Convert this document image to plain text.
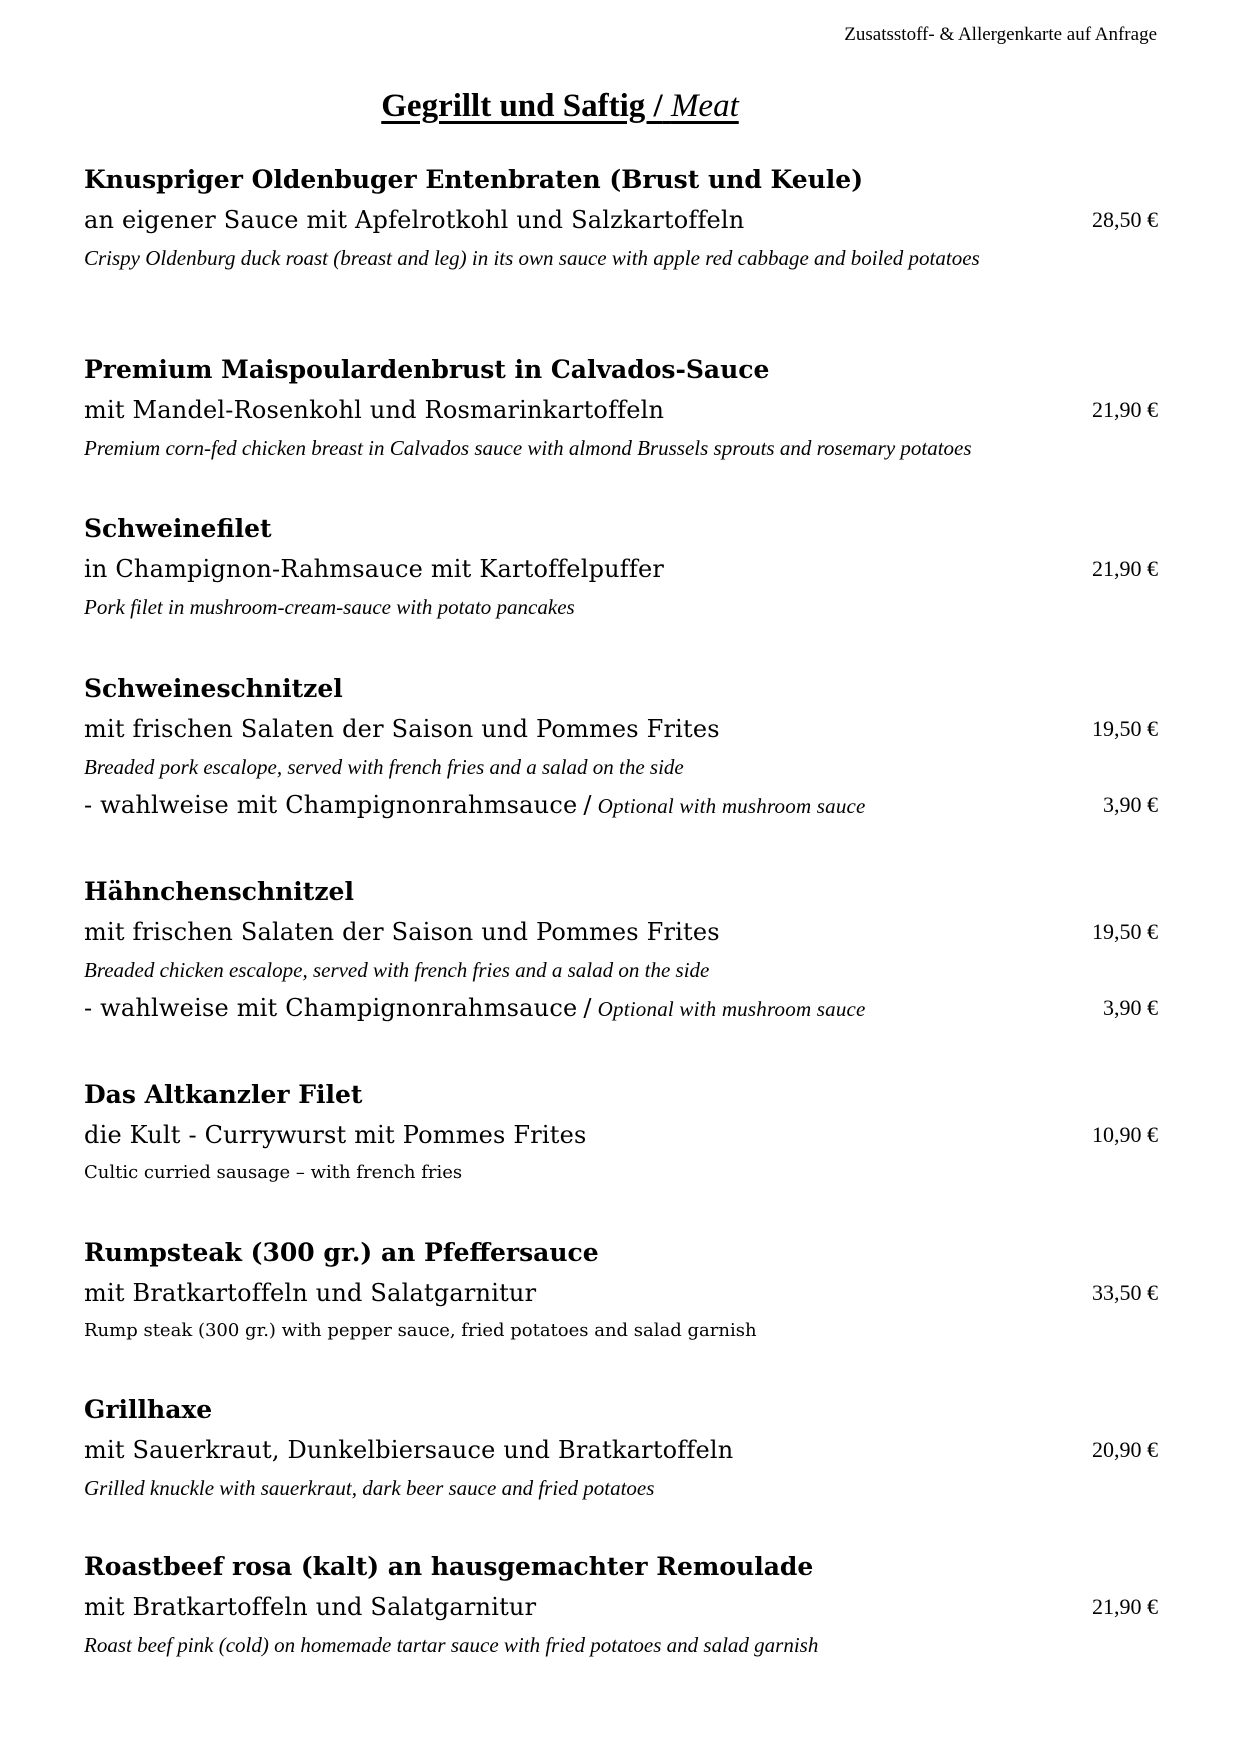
Zusatsstoff- & Allergenkarte auf Anfrage
Gegrillt und Saftig / Meat
Knuspriger Oldenbuger Entenbraten (Brust und Keule)
an eigener Sauce mit Apfelrotkohl und Salzkartoffeln	28,50 €
Crispy Oldenburg duck roast (breast and leg) in its own sauce with apple red cabbage and boiled potatoes
Premium Maispoulardenbrust in Calvados-Sauce
mit Mandel-Rosenkohl und Rosmarinkartoffeln	21,90 €
Premium corn-fed chicken breast in Calvados sauce with almond Brussels sprouts and rosemary potatoes
Schweinefilet
in Champignon-Rahmsauce mit Kartoffelpuffer	21,90 €
Pork filet in mushroom-cream-sauce with potato pancakes
Schweineschnitzel
mit frischen Salaten der Saison und Pommes Frites	19,50 €
Breaded pork escalope, served with french fries and a salad on the side
- wahlweise mit Champignonrahmsauce / Optional with mushroom sauce	3,90 €
Hähnchenschnitzel
mit frischen Salaten der Saison und Pommes Frites	19,50 €
Breaded chicken escalope, served with french fries and a salad on the side
- wahlweise mit Champignonrahmsauce / Optional with mushroom sauce	3,90 €
Das Altkanzler Filet
die Kult - Currywurst mit Pommes Frites	10,90 €
Cultic curried sausage – with french fries
Rumpsteak (300 gr.) an Pfeffersauce
mit Bratkartoffeln und Salatgarnitur	33,50 €
Rump steak (300 gr.) with pepper sauce, fried potatoes and salad garnish
Grillhaxe
mit Sauerkraut, Dunkelbiersauce und Bratkartoffeln	20,90 €
Grilled knuckle with sauerkraut, dark beer sauce and fried potatoes
Roastbeef rosa (kalt) an hausgemachter Remoulade
mit Bratkartoffeln und Salatgarnitur	21,90 €
Roast beef pink (cold) on homemade tartar sauce with fried potatoes and salad garnish
